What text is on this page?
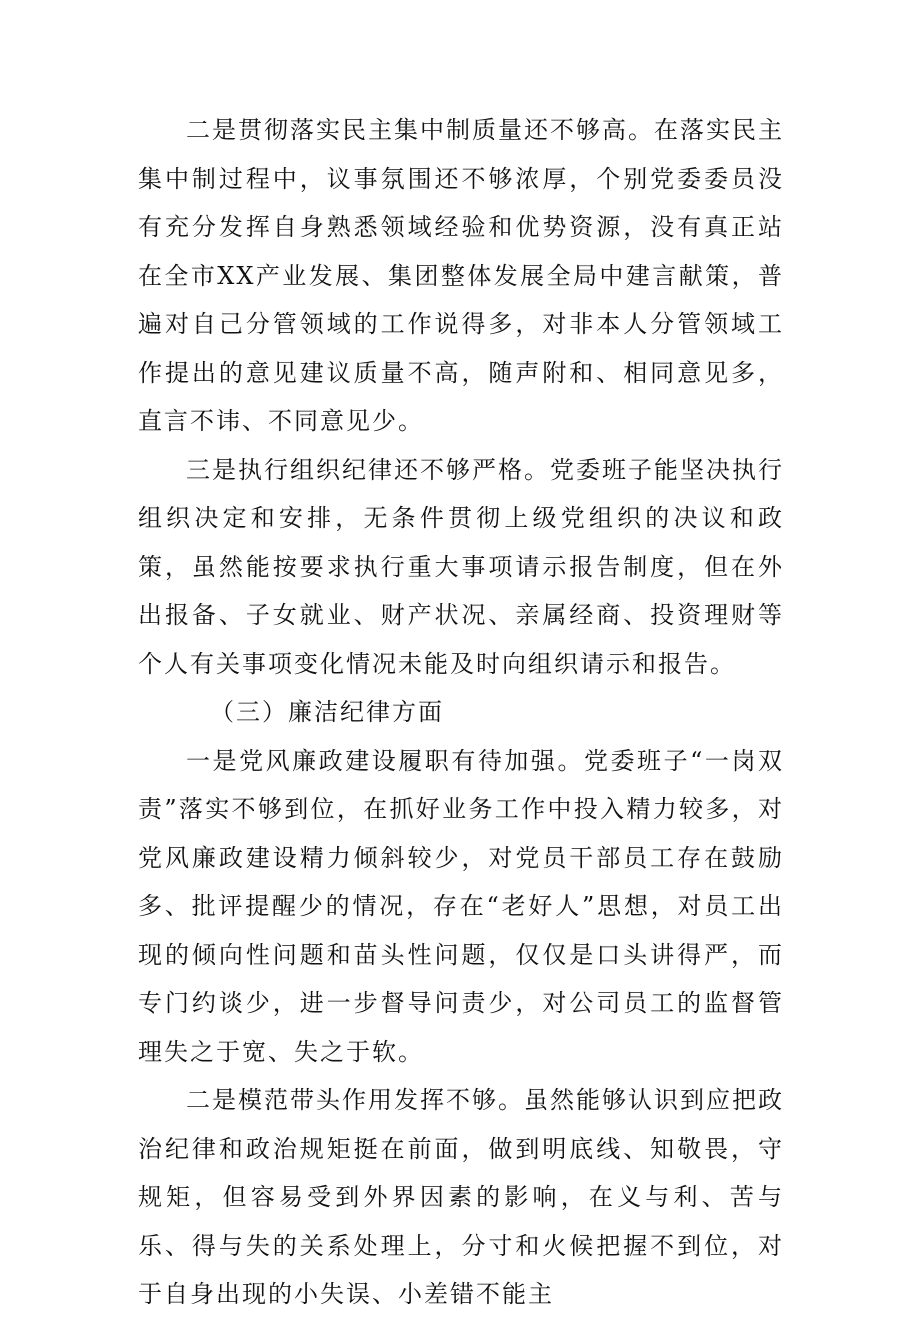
二是贯彻落实民主集中制质量还不够高。在落实民主集中制过程中，议事氛围还不够浓厚，个别党委委员没有充分发挥自身熟悉领域经验和优势资源，没有真正站在全市XX产业发展、集团整体发展全局中建言献策，普遍对自己分管领域的工作说得多，对非本人分管领域工作提出的意见建议质量不高，随声附和、相同意见多，直言不讳、不同意见少。

三是执行组织纪律还不够严格。党委班子能坚决执行组织决定和安排，无条件贯彻上级党组织的决议和政策，虽然能按要求执行重大事项请示报告制度，但在外出报备、子女就业、财产状况、亲属经商、投资理财等个人有关事项变化情况未能及时向组织请示和报告。

（三）廉洁纪律方面

一是党风廉政建设履职有待加强。党委班子“一岗双责”落实不够到位，在抓好业务工作中投入精力较多，对党风廉政建设精力倾斜较少，对党员干部员工存在鼓励多、批评提醒少的情况，存在“老好人”思想，对员工出现的倾向性问题和苗头性问题，仅仅是口头讲得严，而专门约谈少，进一步督导问责少，对公司员工的监督管理失之于宽、失之于软。

二是模范带头作用发挥不够。虽然能够认识到应把政治纪律和政治规矩挺在前面，做到明底线、知敬畏，守规矩，但容易受到外界因素的影响，在义与利、苦与乐、得与失的关系处理上，分寸和火候把握不到位，对于自身出现的小失误、小差错不能主
